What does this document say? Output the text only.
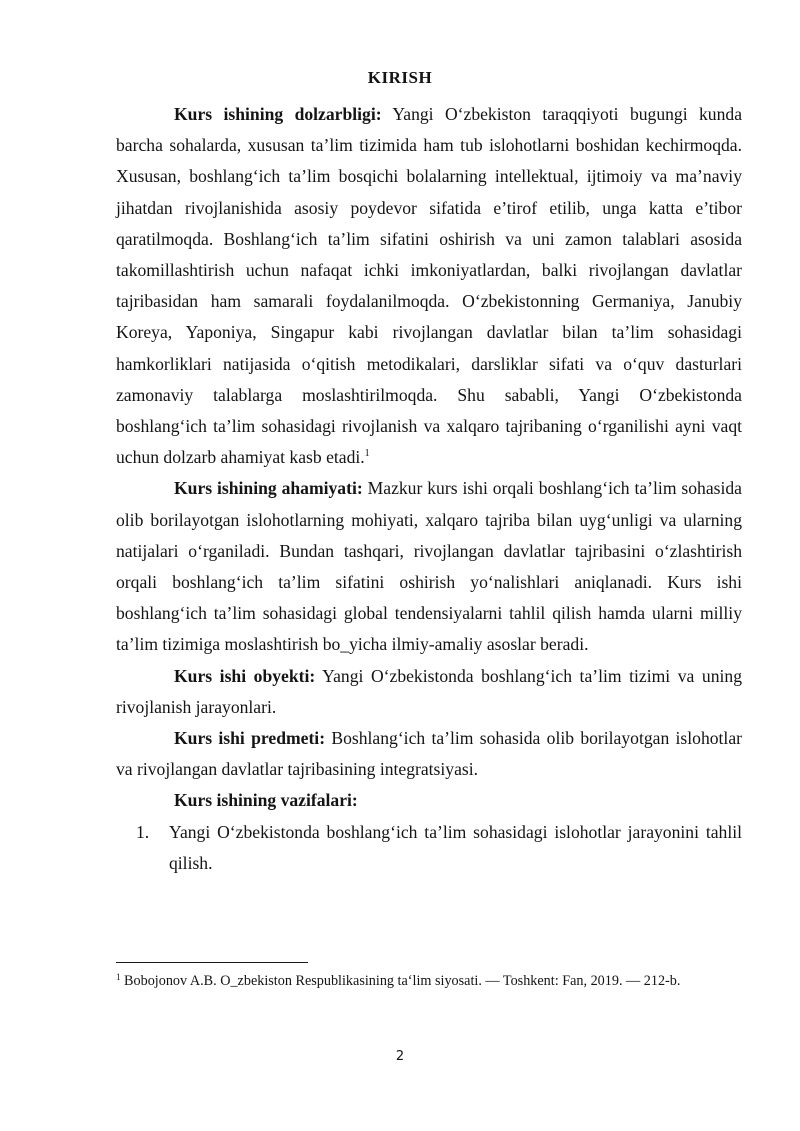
KIRISH

Kurs ishining dolzarbligi: Yangi O‘zbekiston taraqqiyoti bugungi kunda barcha sohalarda, xususan ta’lim tizimida ham tub islohotlarni boshidan kechirmoqda. Xususan, boshlang‘ich ta’lim bosqichi bolalarning intellektual, ijtimoiy va ma’naviy jihatdan rivojlanishida asosiy poydevor sifatida e’tirof etilib, unga katta e’tibor qaratilmoqda. Boshlang‘ich ta’lim sifatini oshirish va uni zamon talablari asosida takomillashtirish uchun nafaqat ichki imkoniyatlardan, balki rivojlangan davlatlar tajribasidan ham samarali foydalanilmoqda. O‘zbekistonning Germaniya, Janubiy Koreya, Yaponiya, Singapur kabi rivojlangan davlatlar bilan ta’lim sohasidagi hamkorliklari natijasida o‘qitish metodikalari, darsliklar sifati va o‘quv dasturlari zamonaviy talablarga moslashtirilmoqda. Shu sababli, Yangi O‘zbekistonda boshlang‘ich ta’lim sohasidagi rivojlanish va xalqaro tajribaning o‘rganilishi ayni vaqt uchun dolzarb ahamiyat kasb etadi.$^1$

Kurs ishining ahamiyati: Mazkur kurs ishi orqali boshlang‘ich ta’lim sohasida olib borilayotgan islohotlarning mohiyati, xalqaro tajriba bilan uyg‘unligi va ularning natijalari o‘rganiladi. Bundan tashqari, rivojlangan davlatlar tajribasini o‘zlashtirish orqali boshlang‘ich ta’lim sifatini oshirish yo‘nalishlari aniqlanadi. Kurs ishi boshlang‘ich ta’lim sohasidagi global tendensiyalarni tahlil qilish hamda ularni milliy ta’lim tizimiga moslashtirish bo_yicha ilmiy-amaliy asoslar beradi.

Kurs ishi obyekti: Yangi O‘zbekistonda boshlang‘ich ta’lim tizimi va uning rivojlanish jarayonlari.

Kurs ishi predmeti: Boshlang‘ich ta’lim sohasida olib borilayotgan islohotlar va rivojlangan davlatlar tajribasining integratsiyasi.

Kurs ishining vazifalari:

1. Yangi O‘zbekistonda boshlang‘ich ta’lim sohasidagi islohotlar jarayonini tahlil qilish.
$^1$ Bobojonov A.B. O_zbekiston Respublikasining ta‘lim siyosati. — Toshkent: Fan, 2019. — 212-b.
2
